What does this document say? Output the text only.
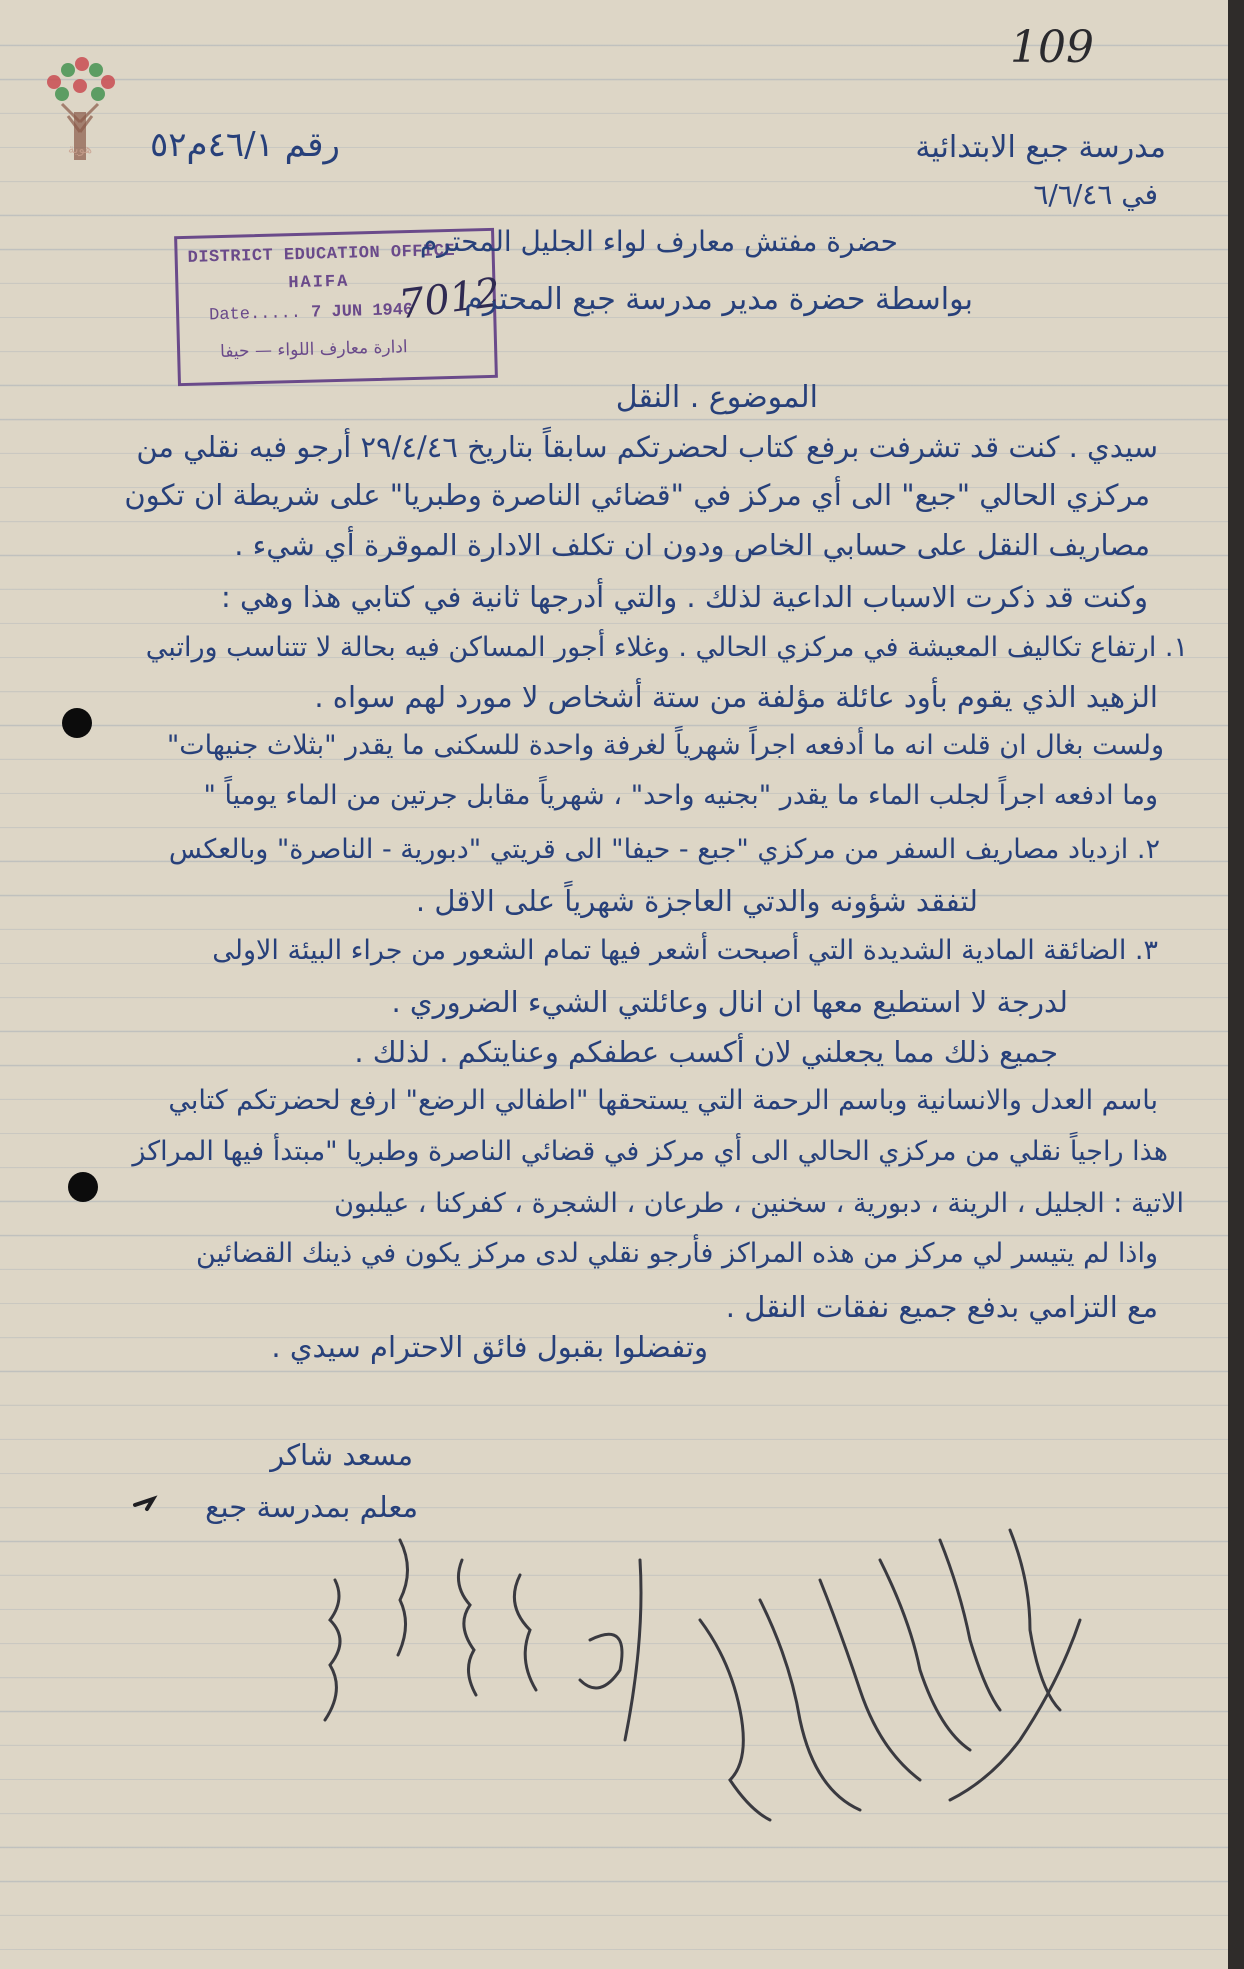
هوية
109
مدرسة جبع الابتدائية
في ٦/٦/٤٦
رقم ٤٦/١م٥٢
DISTRICT EDUCATION OFFICE
HAIFA
Date..... 7 JUN 1946
7012
ادارة معارف اللواء — حيفا
حضرة مفتش معارف لواء الجليل المحترم
بواسطة حضرة مدير مدرسة جبع المحترم
الموضوع . النقل
سيدي . كنت قد تشرفت برفع كتاب لحضرتكم سابقاً بتاريخ ٢٩/٤/٤٦ أرجو فيه نقلي من
مركزي الحالي "جبع" الى أي مركز في "قضائي الناصرة وطبريا" على شريطة ان تكون
مصاريف النقل على حسابي الخاص ودون ان تكلف الادارة الموقرة أي شيء .
وكنت قد ذكرت الاسباب الداعية لذلك . والتي أدرجها ثانية في كتابي هذا وهي :
١. ارتفاع تكاليف المعيشة في مركزي الحالي . وغلاء أجور المساكن فيه بحالة لا تتناسب وراتبي
الزهيد الذي يقوم بأود عائلة مؤلفة من ستة أشخاص لا مورد لهم سواه .
ولست بغال ان قلت انه ما أدفعه اجراً شهرياً لغرفة واحدة للسكنى ما يقدر "بثلاث جنيهات"
وما ادفعه اجراً لجلب الماء ما يقدر "بجنيه واحد" ، شهرياً مقابل جرتين من الماء يومياً "
٢. ازدياد مصاريف السفر من مركزي "جبع - حيفا" الى قريتي "دبورية - الناصرة" وبالعكس
لتفقد شؤونه والدتي العاجزة شهرياً على الاقل .
٣. الضائقة المادية الشديدة التي أصبحت أشعر فيها تمام الشعور من جراء البيئة الاولى
لدرجة لا استطيع معها ان انال وعائلتي الشيء الضروري .
جميع ذلك مما يجعلني لان أكسب عطفكم وعنايتكم . لذلك .
باسم العدل والانسانية وباسم الرحمة التي يستحقها "اطفالي الرضع" ارفع لحضرتكم كتابي
هذا راجياً نقلي من مركزي الحالي الى أي مركز في قضائي الناصرة وطبريا "مبتدأ فيها المراكز
الاتية : الجليل ، الرينة ، دبورية ، سخنين ، طرعان ، الشجرة ، كفركنا ، عيلبون
واذا لم يتيسر لي مركز من هذه المراكز فأرجو نقلي لدى مركز يكون في ذينك القضائين
مع التزامي بدفع جميع نفقات النقل .
وتفضلوا بقبول فائق الاحترام سيدي .
مسعد شاكر
معلم بمدرسة جبع
